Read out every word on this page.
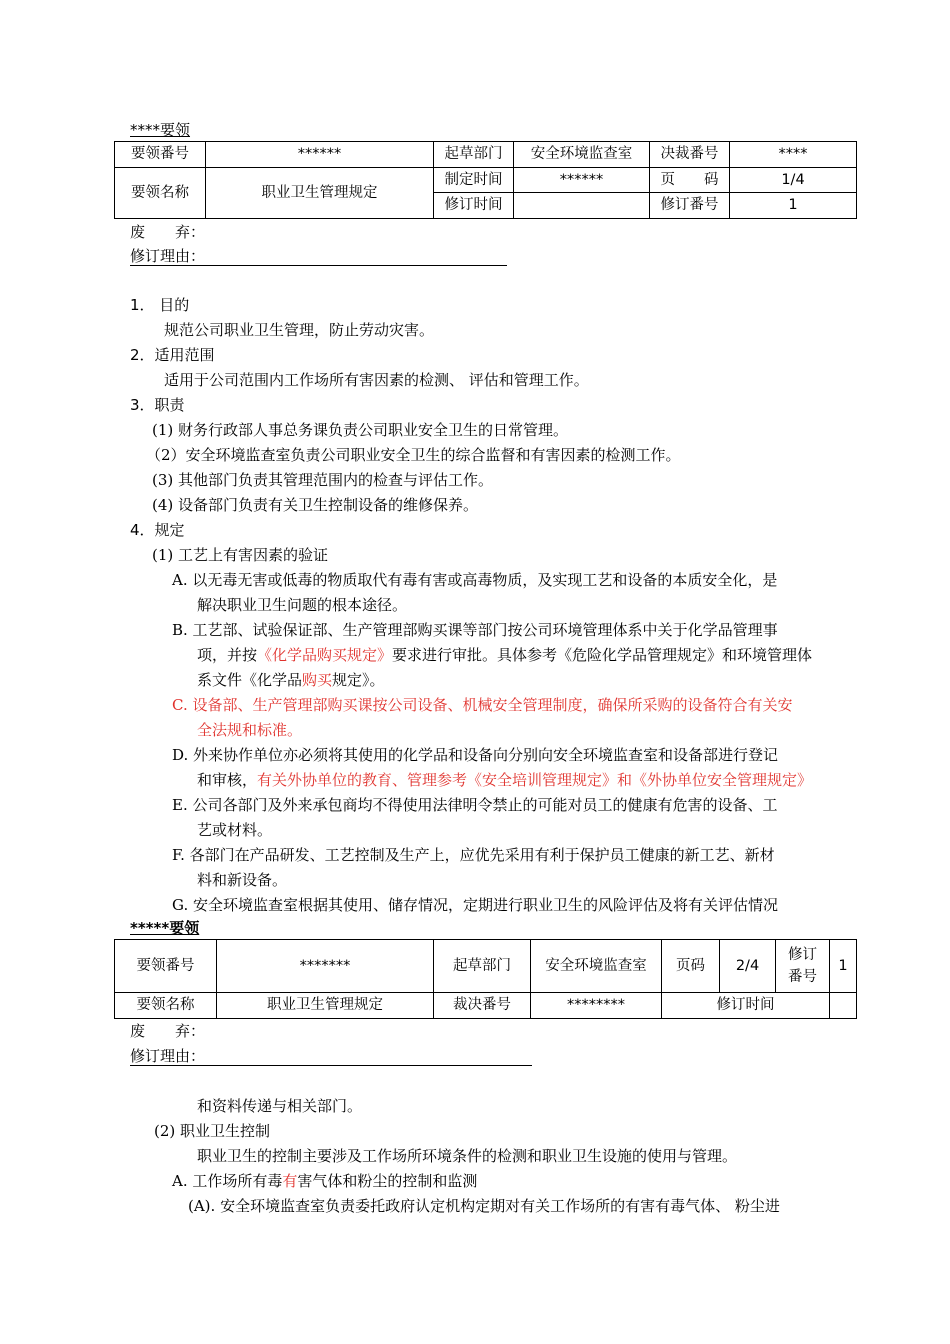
****要领
要领番号	******	起草部门	安全环境监查室	决裁番号	****
要领名称	职业卫生管理规定	制定时间	******	页　　码	1/4
		修订时间		修订番号	1
废　　弃：
修订理由：
1． 目的
规范公司职业卫生管理，防止劳动灾害。
2．适用范围
适用于公司范围内工作场所有害因素的检测、 评估和管理工作。
3．职责
(1) 财务行政部人事总务课负责公司职业安全卫生的日常管理。
（2）安全环境监查室负责公司职业安全卫生的综合监督和有害因素的检测工作。
(3) 其他部门负责其管理范围内的检查与评估工作。
(4) 设备部门负责有关卫生控制设备的维修保养。
4．规定
(1) 工艺上有害因素的验证
A. 以无毒无害或低毒的物质取代有毒有害或高毒物质，及实现工艺和设备的本质安全化，是
解决职业卫生问题的根本途径。
B. 工艺部、试验保证部、生产管理部购买课等部门按公司环境管理体系中关于化学品管理事
项，并按《化学品购买规定》要求进行审批。具体参考《危险化学品管理规定》和环境管理体
系文件《化学品购买规定》。
C. 设备部、生产管理部购买课按公司设备、机械安全管理制度，确保所采购的设备符合有关安
全法规和标准。
D. 外来协作单位亦必须将其使用的化学品和设备向分别向安全环境监查室和设备部进行登记
和审核，有关外协单位的教育、管理参考《安全培训管理规定》和《外协单位安全管理规定》
E. 公司各部门及外来承包商均不得使用法律明令禁止的可能对员工的健康有危害的设备、工
艺或材料。
F. 各部门在产品研发、工艺控制及生产上，应优先采用有利于保护员工健康的新工艺、新材
料和新设备。
G. 安全环境监查室根据其使用、储存情况，定期进行职业卫生的风险评估及将有关评估情况
*****要领
要领番号	*******	起草部门	安全环境监查室	页码	2/4	修订番号	1
要领名称	职业卫生管理规定	裁决番号	********	修订时间			
废　　弃：
修订理由：
和资料传递与相关部门。
(2) 职业卫生控制
职业卫生的控制主要涉及工作场所环境条件的检测和职业卫生设施的使用与管理。
A. 工作场所有毒有害气体和粉尘的控制和监测
(A). 安全环境监查室负责委托政府认定机构定期对有关工作场所的有害有毒气体、 粉尘进
